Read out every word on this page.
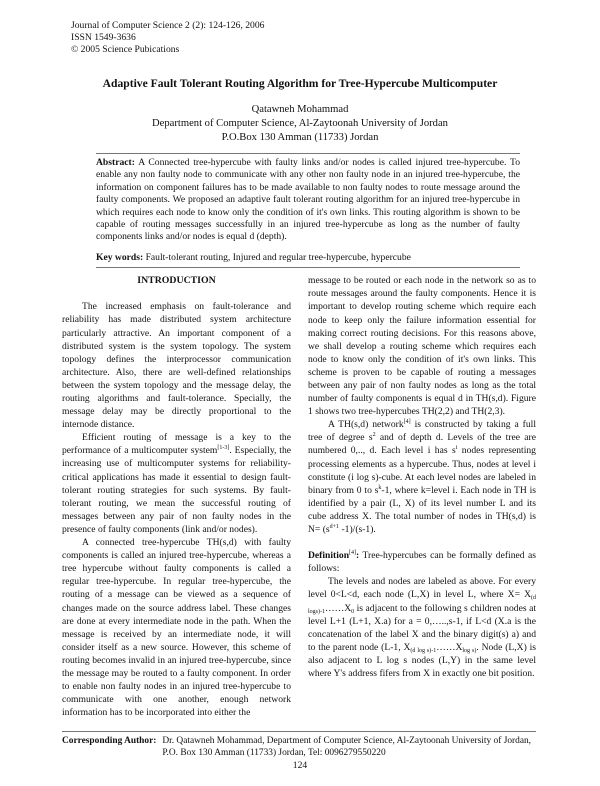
Journal of Computer Science 2 (2): 124-126, 2006
ISSN 1549-3636
© 2005 Science Pubications
Adaptive Fault Tolerant Routing Algorithm for Tree-Hypercube Multicomputer
Qatawneh Mohammad
Department of Computer Science, Al-Zaytoonah University of Jordan
P.O.Box 130 Amman (11733) Jordan
Abstract: A Connected tree-hypercube with faulty links and/or nodes is called injured tree-hypercube. To enable any non faulty node to communicate with any other non faulty node in an injured tree-hypercube, the information on component failures has to be made available to non faulty nodes to route message around the faulty components. We proposed an adaptive fault tolerant routing algorithm for an injured tree-hypercube in which requires each node to know only the condition of it's own links. This routing algorithm is shown to be capable of routing messages successfully in an injured tree-hypercube as long as the number of faulty components links and/or nodes is equal d (depth).
Key words: Fault-tolerant routing, Injured and regular tree-hypercube, hypercube
INTRODUCTION

The increased emphasis on fault-tolerance and reliability has made distributed system architecture particularly attractive. An important component of a distributed system is the system topology. The system topology defines the interprocessor communication architecture. Also, there are well-defined relationships between the system topology and the message delay, the routing algorithms and fault-tolerance. Specially, the message delay may be directly proportional to the internode distance.

Efficient routing of message is a key to the performance of a multicomputer system[1-3]. Especially, the increasing use of multicomputer systems for reliability-critical applications has made it essential to design fault-tolerant routing strategies for such systems. By fault-tolerant routing, we mean the successful routing of messages between any pair of non faulty nodes in the presence of faulty components (link and/or nodes).

A connected tree-hypercube TH(s,d) with faulty components is called an injured tree-hypercube, whereas a tree hypercube without faulty components is called a regular tree-hypercube. In regular tree-hypercube, the routing of a message can be viewed as a sequence of changes made on the source address label. These changes are done at every intermediate node in the path. When the message is received by an intermediate node, it will consider itself as a new source. However, this scheme of routing becomes invalid in an injured tree-hypercube, since the message may be routed to a faulty component. In order to enable non faulty nodes in an injured tree-hypercube to communicate with one another, enough network information has to be incorporated into either the

message to be routed or each node in the network so as to route messages around the faulty components. Hence it is important to develop routing scheme which require each node to keep only the failure information essential for making correct routing decisions. For this reasons above, we shall develop a routing scheme which requires each node to know only the condition of it's own links. This scheme is proven to be capable of routing a messages between any pair of non faulty nodes as long as the total number of faulty components is equal d in TH(s,d). Figure 1 shows two tree-hypercubes TH(2,2) and TH(2,3).

A TH(s,d) network[4] is constructed by taking a full tree of degree $s^2$ and of depth d. Levels of the tree are numbered 0,.., d. Each level i has $s^i$ nodes representing processing elements as a hypercube. Thus, nodes at level i constitute (i log s)-cube. At each level nodes are labeled in binary from 0 to $s^k-1$, where k=level i. Each node in TH is identified by a pair (L, X) of its level number L and its cube address X. The total number of nodes in TH(s,d) is $N= (s^{d+1}$ -1)/(s-1).

Definition[4]: Tree-hypercubes can be formally defined as follows:

The levels and nodes are labeled as above. For every level 0<L<d, each node (L,X) in level L, where $X= X_{(d logs)-1}\dots\dots X_0$ is adjacent to the following s children nodes at level L+1 (L+1, X.a) for a = 0,…..,s-1, if L<d (X.a is the concatenation of the label X and the binary digit(s) a) and to the parent node (L-1, $X_{(d log s)-1}\dots\dots X_{log s)}$. Node (L,X) is also adjacent to L log s nodes (L,Y) in the same level where Y's address fifers from X in exactly one bit position.

Corresponding Author: Dr. Qatawneh Mohammad, Department of Computer Science, Al-Zaytoonah University of Jordan,
P.O. Box 130 Amman (11733) Jordan, Tel: 0096279550220
124
